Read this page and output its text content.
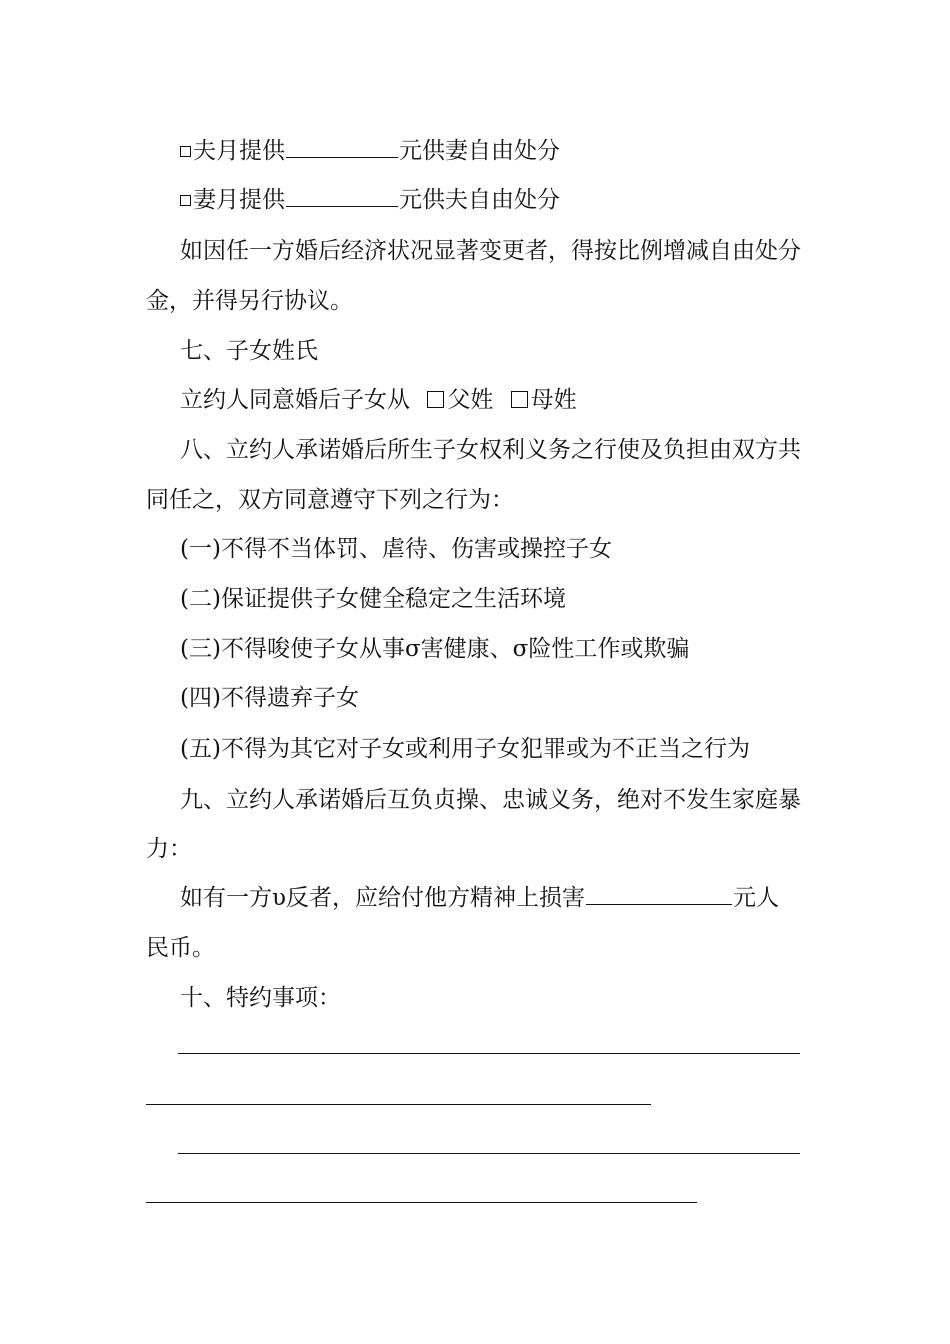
夫月提供	元供妻自由处分
妻月提供	元供夫自由处分
如因任一方婚后经济状况显著变更者，得按比例增减自由处分
金，并得另行协议。
七、子女姓氏
立约人同意婚后子女从 父姓 母姓
八、立约人承诺婚后所生子女权利义务之行使及负担由双方共
同任之，双方同意遵守下列之行为：
(一)不得不当体罚、虐待、伤害或操控子女
(二)保证提供子女健全稳定之生活环境
(三)不得唆使子女从事σ害健康、σ险性工作或欺骗
(四)不得遗弃子女
(五)不得为其它对子女或利用子女犯罪或为不正当之行为
九、立约人承诺婚后互负贞操、忠诚义务，绝对不发生家庭暴
力：
如有一方υ反者，应给付他方精神上损害	元人
民币。
十、特约事项：
